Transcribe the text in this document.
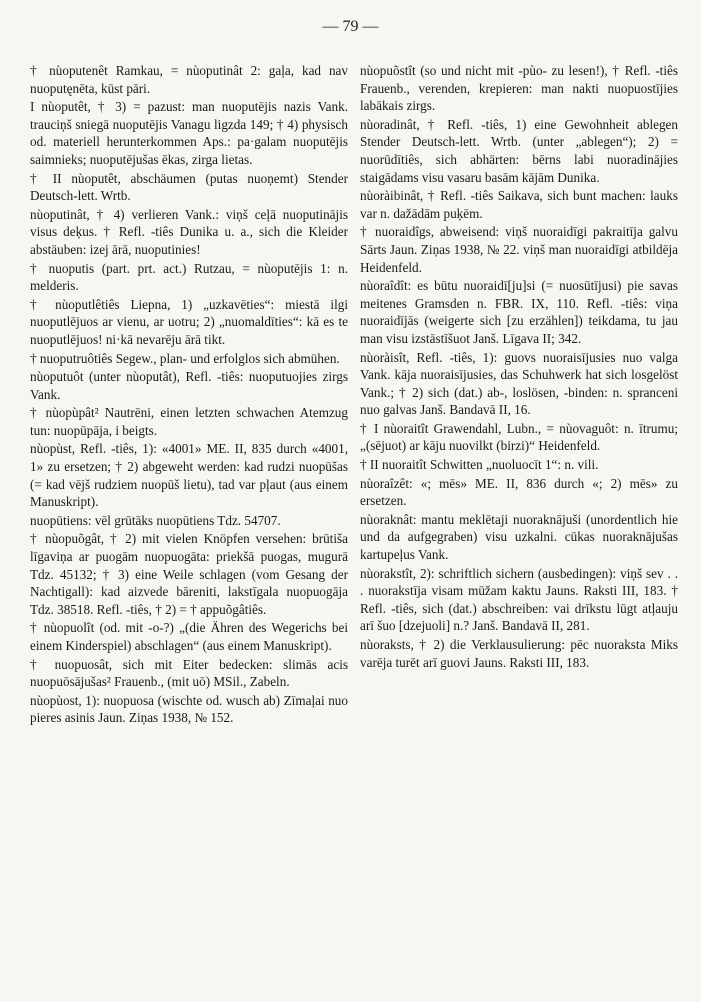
— 79 —

† nùoputenêt Ramkau, = nùoputinât 2: gaļa, kad nav nuoputęnēta, kūst pāri.

I nùoputêt, † 3) = pazust: man nuoputējis nazis Vank. trauciņš sniegā nuoputējis Vanagu ligzda 149; † 4) physisch od. materiell herunterkommen Aps.: pa·galam nuoputējis saimnieks; nuoputējušas ēkas, zirga lietas.

† II nùoputêt, abschäumen (putas nuoņemt) Stender Deutsch-lett. Wrtb.

nùoputinât, † 4) verlieren Vank.: viņš ceļā nuoputinājis visus deķus. † Refl. -tiês Dunika u. a., sich die Kleider abstäuben: izej ārā, nuoputinies!

† nuoputis (part. prt. act.) Rutzau, = nùoputējis 1: n. melderis.

† nùoputlêtiês Liepna, 1) „uzkavēties“: miestā ilgi nuoputlējuos ar vienu, ar uotru; 2) „nuomaldīties“: kā es te nuoputlējuos! ni·kā nevarēju ārā tikt.

† nuoputruôtiês Segew., plan- und erfolglos sich abmühen.

nùoputuôt (unter nùoputât), Refl. -tiês: nuoputuojies zirgs Vank.

† nùopùpât² Nautrēni, einen letzten schwachen Atemzug tun: nuopūpāja, i beigts.

nùopùst, Refl. -tiês, 1): «4001» ME. II, 835 durch «4001, 1» zu ersetzen; † 2) abgeweht werden: kad rudzi nuopūšas (= kad vējš rudziem nuopūš lietu), tad var pļaut (aus einem Manuskript).

nuopūtiens: vēl grūtāks nuopūtiens Tdz. 54707.

† nùopuõgât, † 2) mit vielen Knöpfen versehen: brūtiša līgaviņa ar puogām nuopuogāta: priekšā puogas, mugurā Tdz. 45132; † 3) eine Weile schlagen (vom Gesang der Nachtigall): kad aizvede bāreniti, lakstīgala nuopuogāja Tdz. 38518. Refl. -tiês, † 2) = † appuõgâtiês.

† nùopuolît (od. mit -o-?) „(die Ähren des Wegerichs bei einem Kinderspiel) abschlagen“ (aus einem Manuskript).

† nuopuosât, sich mit Eiter bedecken: slimās acis nuopuōsājušas² Frauenb., (mit uō) MSil., Zabeln.

nùopùost, 1): nuopuosa (wischte od. wusch ab) Zīmaļai nuo pieres asinis Jaun. Ziņas 1938, № 152.

nùopuõstît (so und nicht mit -pùo- zu lesen!), † Refl. -tiês Frauenb., verenden, krepieren: man nakti nuopuostījies labākais zirgs.

nùoradinât, † Refl. -tiês, 1) eine Gewohnheit ablegen Stender Deutsch-lett. Wrtb. (unter „ablegen“); 2) = nuorūdītiês, sich abhärten: bērns labi nuoradinājies staigādams visu vasaru basām kājām Dunika.

nùoràibinât, † Refl. -tiês Saikava, sich bunt machen: lauks var n. dažādām puķēm.

† nuoraidîgs, abweisend: viņš nuoraidīgi pakraitīja galvu Sārts Jaun. Ziņas 1938, № 22. viņš man nuoraidīgi atbildēja Heidenfeld.

nùoraîdît: es būtu nuoraidī[ju]si (= nuosūtījusi) pie savas meitenes Gramsden n. FBR. IX, 110. Refl. -tiês: viņa nuoraidījās (weigerte sich [zu erzählen]) teikdama, tu jau man visu izstāstīšuot Janš. Līgava II; 342.

nùoràisît, Refl. -tiês, 1): guovs nuoraisījusies nuo valga Vank. kāja nuoraisījusies, das Schuhwerk hat sich losgelöst Vank.; † 2) sich (dat.) ab-, loslösen, -binden: n. spranceni nuo galvas Janš. Bandavā II, 16.

† I nùoraitît Grawendahl, Lubn., = nùovaguôt: n. ītrumu; „(sējuot) ar kāju nuovilkt (birzi)“ Heidenfeld.

† II nuoraitît Schwitten „nuoluocīt 1“: n. vili.

nùoraîzêt: «; mēs» ME. II, 836 durch «; 2) mēs» zu ersetzen.

nùoraknât: mantu meklētaji nuoraknājuši (unordentlich hie und da aufgegraben) visu uzkalni. cūkas nuoraknājušas kartupeļus Vank.

nùorakstît, 2): schriftlich sichern (ausbedingen): viņš sev . . . nuorakstīja visam mūžam kaktu Jauns. Raksti III, 183. † Refl. -tiês, sich (dat.) abschreiben: vai drīkstu lūgt atļauju arī šuo [dzejuoli] n.? Janš. Bandavā II, 281.

nùoraksts, † 2) die Verklausulierung: pēc nuoraksta Miks varēja turēt arī guovi Jauns. Raksti III, 183.
